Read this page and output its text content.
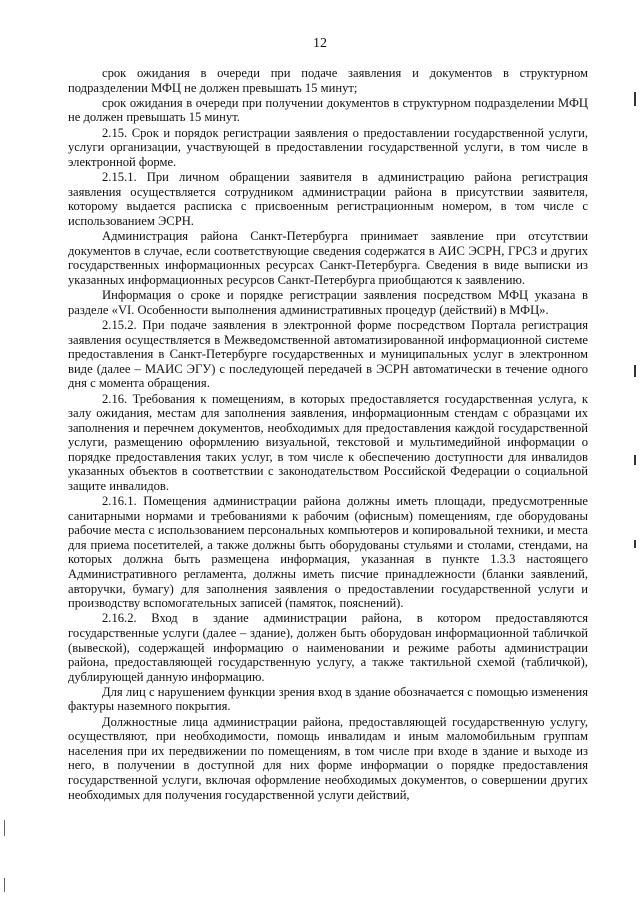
12

срок ожидания в очереди при подаче заявления и документов в структурном подразделении МФЦ не должен превышать 15 минут;

срок ожидания в очереди при получении документов в структурном подразделении МФЦ не должен превышать 15 минут.

2.15. Срок и порядок регистрации заявления о предоставлении государственной услуги, услуги организации, участвующей в предоставлении государственной услуги, в том числе в электронной форме.

2.15.1. При личном обращении заявителя в администрацию района регистрация заявления осуществляется сотрудником администрации района в присутствии заявителя, которому выдается расписка с присвоенным регистрационным номером, в том числе с использованием ЭСРН.

Администрация района Санкт-Петербурга принимает заявление при отсутствии документов в случае, если соответствующие сведения содержатся в АИС ЭСРН, ГРСЗ и других государственных информационных ресурсах Санкт-Петербурга. Сведения в виде выписки из указанных информационных ресурсов Санкт-Петербурга приобщаются к заявлению.

Информация о сроке и порядке регистрации заявления посредством МФЦ указана в разделе «VI. Особенности выполнения административных процедур (действий) в МФЦ».

2.15.2. При подаче заявления в электронной форме посредством Портала регистрация заявления осуществляется в Межведомственной автоматизированной информационной системе предоставления в Санкт-Петербурге государственных и муниципальных услуг в электронном виде (далее – МАИС ЭГУ) с последующей передачей в ЭСРН автоматически в течение одного дня с момента обращения.

2.16. Требования к помещениям, в которых предоставляется государственная услуга, к залу ожидания, местам для заполнения заявления, информационным стендам с образцами их заполнения и перечнем документов, необходимых для предоставления каждой государственной услуги, размещению оформлению визуальной, текстовой и мультимедийной информации о порядке предоставления таких услуг, в том числе к обеспечению доступности для инвалидов указанных объектов в соответствии с законодательством Российской Федерации о социальной защите инвалидов.

2.16.1. Помещения администрации района должны иметь площади, предусмотренные санитарными нормами и требованиями к рабочим (офисным) помещениям, где оборудованы рабочие места с использованием персональных компьютеров и копировальной техники, и места для приема посетителей, а также должны быть оборудованы стульями и столами, стендами, на которых должна быть размещена информация, указанная в пункте 1.3.3 настоящего Административного регламента, должны иметь писчие принадлежности (бланки заявлений, авторучки, бумагу) для заполнения заявления о предоставлении государственной услуги и производству вспомогательных записей (памяток, пояснений).

2.16.2. Вход в здание администрации района, в котором предоставляются государственные услуги (далее – здание), должен быть оборудован информационной табличкой (вывеской), содержащей информацию о наименовании и режиме работы администрации района, предоставляющей государственную услугу, а также тактильной схемой (табличкой), дублирующей данную информацию.

Для лиц с нарушением функции зрения вход в здание обозначается с помощью изменения фактуры наземного покрытия.

Должностные лица администрации района, предоставляющей государственную услугу, осуществляют, при необходимости, помощь инвалидам и иным маломобильным группам населения при их передвижении по помещениям, в том числе при входе в здание и выходе из него, в получении в доступной для них форме информации о порядке предоставления государственной услуги, включая оформление необходимых документов, о совершении других необходимых для получения государственной услуги действий,
